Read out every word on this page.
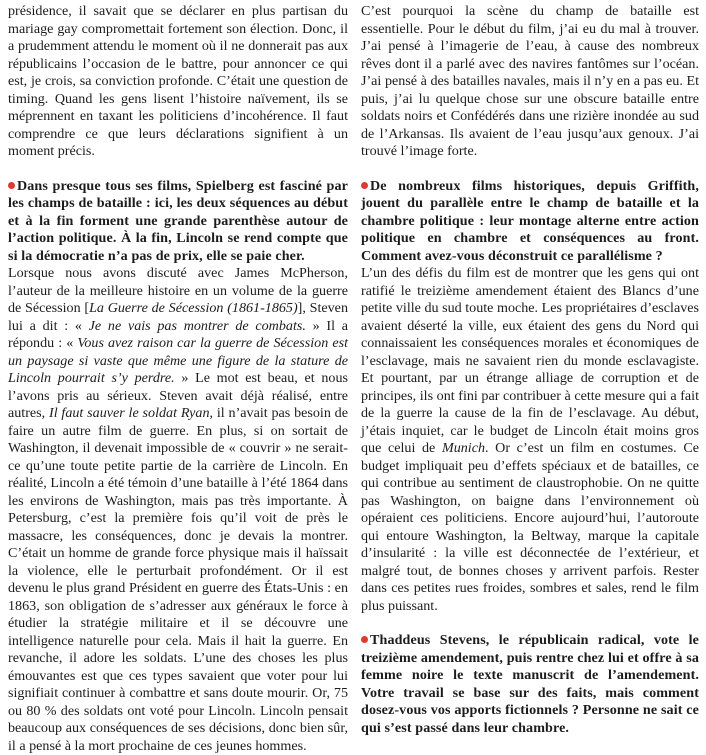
présidence, il savait que se déclarer en plus partisan du mariage gay compromettait fortement son élection. Donc, il a prudemment attendu le moment où il ne donnerait pas aux républicains l’occasion de le battre, pour annoncer ce qui est, je crois, sa conviction profonde. C’était une question de timing. Quand les gens lisent l’histoire naïvement, ils se méprennent en taxant les politiciens d’incohérence. Il faut comprendre ce que leurs déclarations signifient à un moment précis.

Dans presque tous ses films, Spielberg est fasciné par les champs de bataille : ici, les deux séquences au début et à la fin forment une grande parenthèse autour de l’action politique. À la fin, Lincoln se rend compte que si la démocratie n’a pas de prix, elle se paie cher.

Lorsque nous avons discuté avec James McPherson, l’auteur de la meilleure histoire en un volume de la guerre de Sécession [La Guerre de Sécession (1861-1865)], Steven lui a dit : « Je ne vais pas montrer de combats. » Il a répondu : « Vous avez raison car la guerre de Sécession est un paysage si vaste que même une figure de la stature de Lincoln pourrait s’y perdre. » Le mot est beau, et nous l’avons pris au sérieux. Steven avait déjà réalisé, entre autres, Il faut sauver le soldat Ryan, il n’avait pas besoin de faire un autre film de guerre. En plus, si on sortait de Washington, il devenait impossible de « couvrir » ne serait-ce qu’une toute petite partie de la carrière de Lincoln. En réalité, Lincoln a été témoin d’une bataille à l’été 1864 dans les environs de Washington, mais pas très importante. À Petersburg, c’est la première fois qu’il voit de près le massacre, les conséquences, donc je devais la montrer. C’était un homme de grande force physique mais il haïssait la violence, elle le perturbait profondément. Or il est devenu le plus grand Président en guerre des États-Unis : en 1863, son obligation de s’adresser aux généraux le force à étudier la stratégie militaire et il se découvre une intelligence naturelle pour cela. Mais il hait la guerre. En revanche, il adore les soldats. L’une des choses les plus émouvantes est que ces types savaient que voter pour lui signifiait continuer à combattre et sans doute mourir. Or, 75 ou 80 % des soldats ont voté pour Lincoln. Lincoln pensait beaucoup aux conséquences de ses décisions, donc bien sûr, il a pensé à la mort prochaine de ces jeunes hommes.

C’est pourquoi la scène du champ de bataille est essentielle. Pour le début du film, j’ai eu du mal à trouver. J’ai pensé à l’imagerie de l’eau, à cause des nombreux rêves dont il a parlé avec des navires fantômes sur l’océan. J’ai pensé à des batailles navales, mais il n’y en a pas eu. Et puis, j’ai lu quelque chose sur une obscure bataille entre soldats noirs et Confédérés dans une rizière inondée au sud de l’Arkansas. Ils avaient de l’eau jusqu’aux genoux. J’ai trouvé l’image forte.

De nombreux films historiques, depuis Griffith, jouent du parallèle entre le champ de bataille et la chambre politique : leur montage alterne entre action politique en chambre et conséquences au front. Comment avez-vous déconstruit ce parallélisme ?

L’un des défis du film est de montrer que les gens qui ont ratifié le treizième amendement étaient des Blancs d’une petite ville du sud toute moche. Les propriétaires d’esclaves avaient déserté la ville, eux étaient des gens du Nord qui connaissaient les conséquences morales et économiques de l’esclavage, mais ne savaient rien du monde esclavagiste. Et pourtant, par un étrange alliage de corruption et de principes, ils ont fini par contribuer à cette mesure qui a fait de la guerre la cause de la fin de l’esclavage. Au début, j’étais inquiet, car le budget de Lincoln était moins gros que celui de Munich. Or c’est un film en costumes. Ce budget impliquait peu d’effets spéciaux et de batailles, ce qui contribue au sentiment de claustrophobie. On ne quitte pas Washington, on baigne dans l’environnement où opéraient ces politiciens. Encore aujourd’hui, l’autoroute qui entoure Washington, la Beltway, marque la capitale d’insularité : la ville est déconnectée de l’extérieur, et malgré tout, de bonnes choses y arrivent parfois. Rester dans ces petites rues froides, sombres et sales, rend le film plus puissant.

Thaddeus Stevens, le républicain radical, vote le treizième amendement, puis rentre chez lui et offre à sa femme noire le texte manuscrit de l’amendement. Votre travail se base sur des faits, mais comment dosez-vous vos apports fictionnels ? Personne ne sait ce qui s’est passé dans leur chambre.
